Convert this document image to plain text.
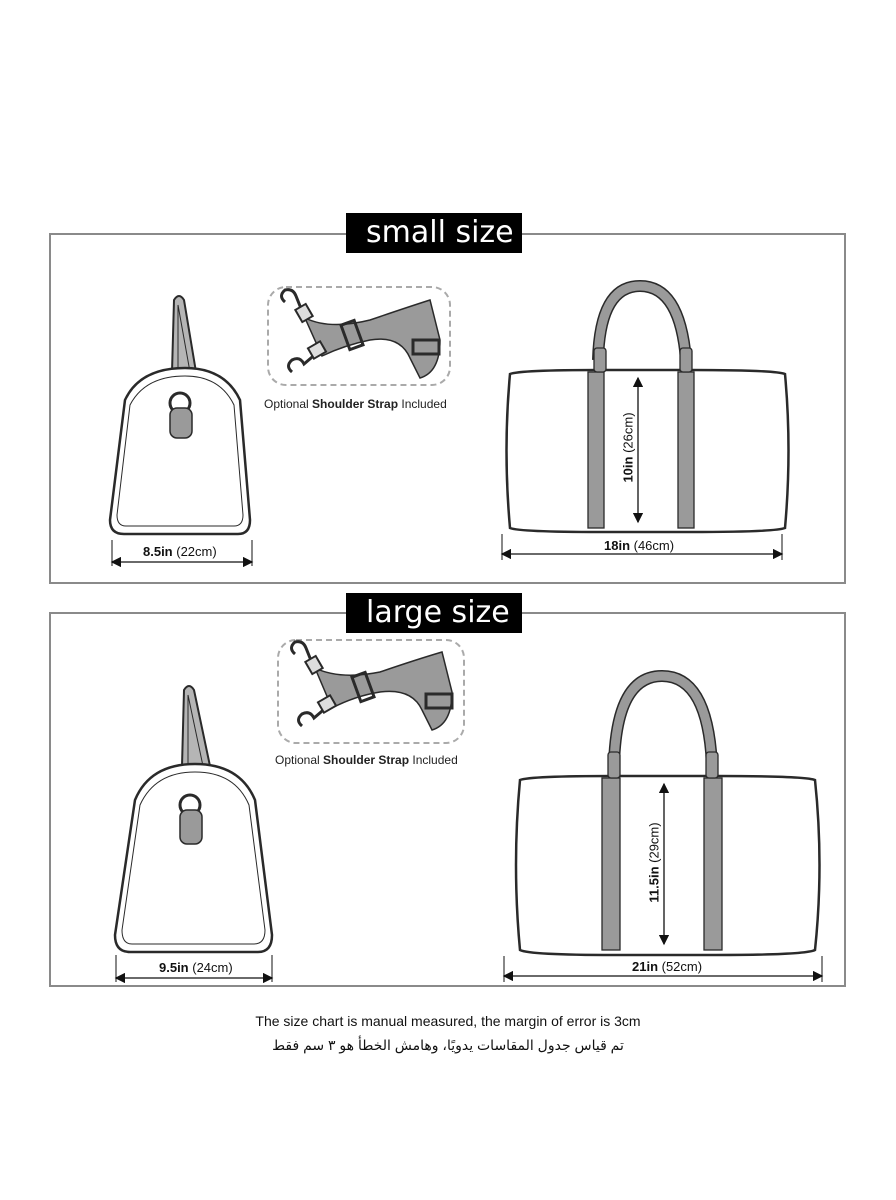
small size
large size
8.5in (22cm)	18in (46cm)
10in (26cm)
Optional Shoulder Strap Included
9.5in (24cm)	21in (52cm)
11.5in (29cm)
Optional Shoulder Strap Included
The size chart is manual measured, the margin of error is 3cm
تم قياس جدول المقاسات يدويًا، وهامش الخطأ هو ٣ سم فقط
